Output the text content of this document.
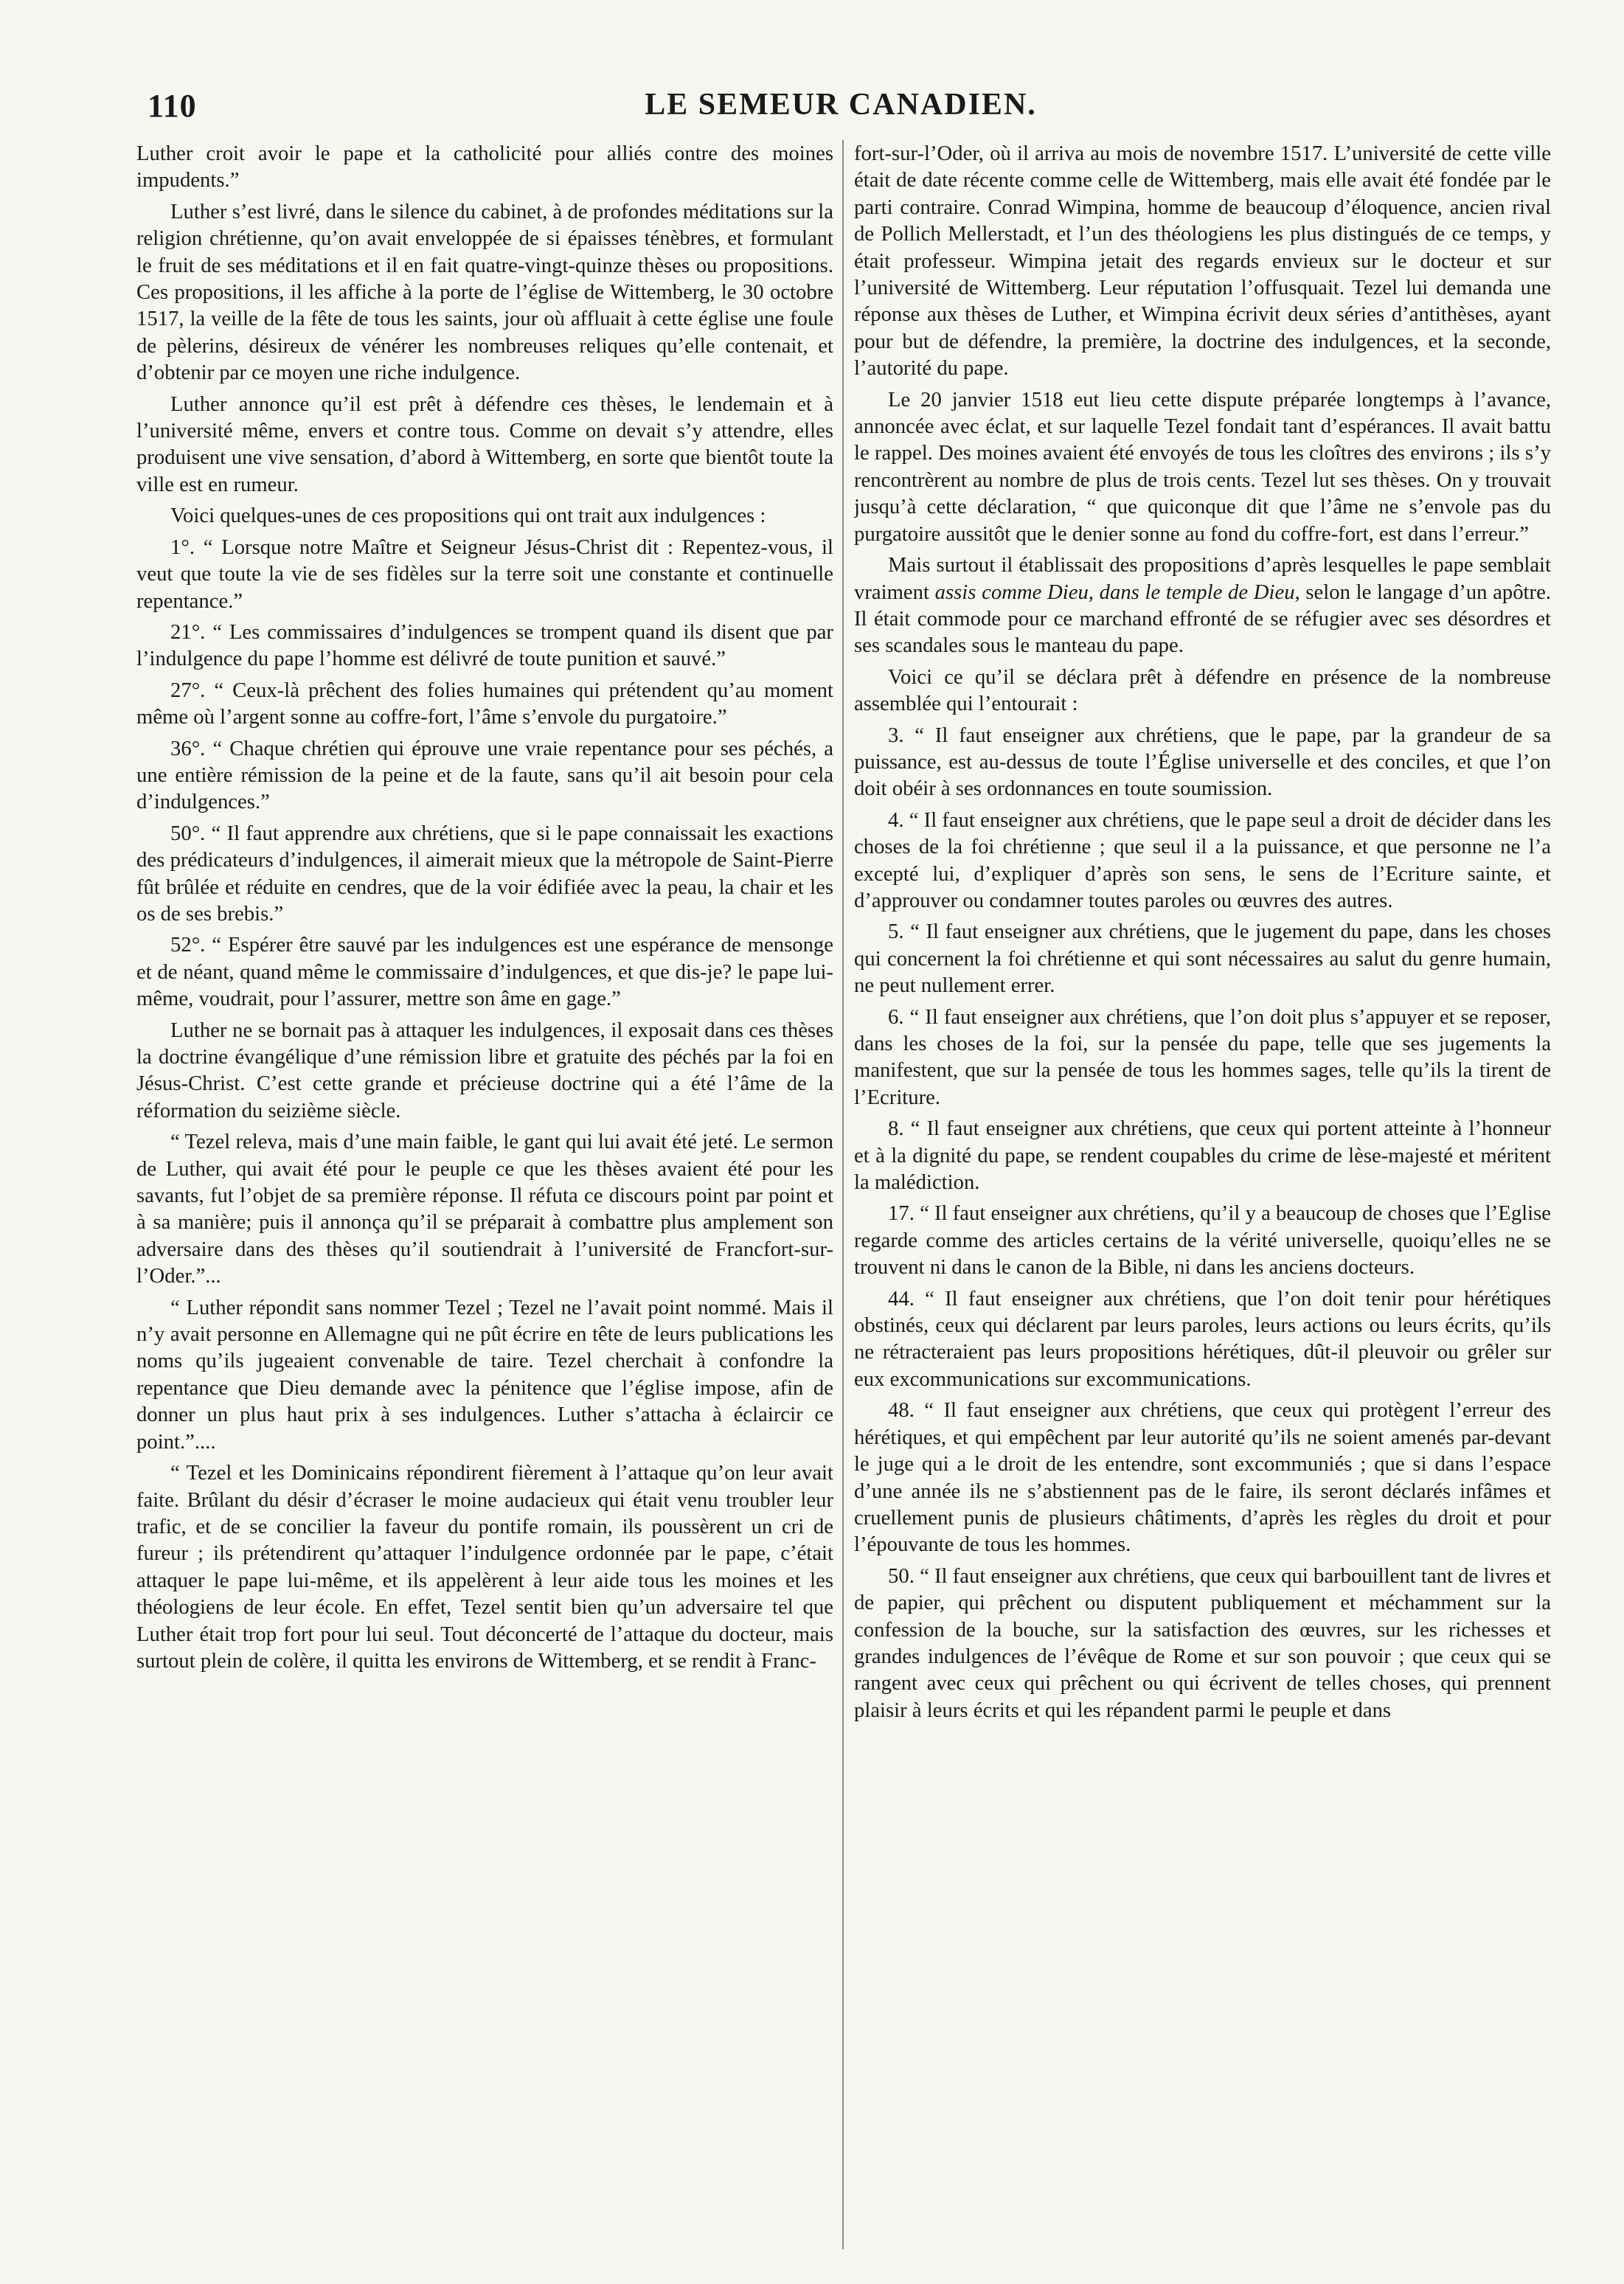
110	LE SEMEUR CANADIEN.

Luther croit avoir le pape et la catholicité pour alliés contre des moines impudents.”

Luther s’est livré, dans le silence du cabinet, à de profondes méditations sur la religion chrétienne, qu’on avait enveloppée de si épaisses ténèbres, et formulant le fruit de ses méditations et il en fait quatre-vingt-quinze thèses ou propositions. Ces propositions, il les affiche à la porte de l’église de Wittemberg, le 30 octobre 1517, la veille de la fête de tous les saints, jour où affluait à cette église une foule de pèlerins, désireux de vénérer les nombreuses reliques qu’elle contenait, et d’obtenir par ce moyen une riche indulgence.

Luther annonce qu’il est prêt à défendre ces thèses, le lendemain et à l’université même, envers et contre tous. Comme on devait s’y attendre, elles produisent une vive sensation, d’abord à Wittemberg, en sorte que bientôt toute la ville est en rumeur.

Voici quelques-unes de ces propositions qui ont trait aux indulgences :

1°. “ Lorsque notre Maître et Seigneur Jésus-Christ dit : Repentez-vous, il veut que toute la vie de ses fidèles sur la terre soit une constante et continuelle repentance.”

21°. “ Les commissaires d’indulgences se trompent quand ils disent que par l’indulgence du pape l’homme est délivré de toute punition et sauvé.”

27°. “ Ceux-là prêchent des folies humaines qui prétendent qu’au moment même où l’argent sonne au coffre-fort, l’âme s’envole du purgatoire.”

36°. “ Chaque chrétien qui éprouve une vraie repentance pour ses péchés, a une entière rémission de la peine et de la faute, sans qu’il ait besoin pour cela d’indulgences.”

50°. “ Il faut apprendre aux chrétiens, que si le pape connaissait les exactions des prédicateurs d’indulgences, il aimerait mieux que la métropole de Saint-Pierre fût brûlée et réduite en cendres, que de la voir édifiée avec la peau, la chair et les os de ses brebis.”

52°. “ Espérer être sauvé par les indulgences est une espérance de mensonge et de néant, quand même le commissaire d’indulgences, et que dis-je? le pape lui-même, voudrait, pour l’assurer, mettre son âme en gage.”

Luther ne se bornait pas à attaquer les indulgences, il exposait dans ces thèses la doctrine évangélique d’une rémission libre et gratuite des péchés par la foi en Jésus-Christ. C’est cette grande et précieuse doctrine qui a été l’âme de la réformation du seizième siècle.

“ Tezel releva, mais d’une main faible, le gant qui lui avait été jeté. Le sermon de Luther, qui avait été pour le peuple ce que les thèses avaient été pour les savants, fut l’objet de sa première réponse. Il réfuta ce discours point par point et à sa manière; puis il annonça qu’il se préparait à combattre plus amplement son adversaire dans des thèses qu’il soutiendrait à l’université de Francfort-sur-l’Oder.”...

“ Luther répondit sans nommer Tezel ; Tezel ne l’avait point nommé. Mais il n’y avait personne en Allemagne qui ne pût écrire en tête de leurs publications les noms qu’ils jugeaient convenable de taire. Tezel cherchait à confondre la repentance que Dieu demande avec la pénitence que l’église impose, afin de donner un plus haut prix à ses indulgences. Luther s’attacha à éclaircir ce point.”....

“ Tezel et les Dominicains répondirent fièrement à l’attaque qu’on leur avait faite. Brûlant du désir d’écraser le moine audacieux qui était venu troubler leur trafic, et de se concilier la faveur du pontife romain, ils poussèrent un cri de fureur ; ils prétendirent qu’attaquer l’indulgence ordonnée par le pape, c’était attaquer le pape lui-même, et ils appelèrent à leur aide tous les moines et les théologiens de leur école. En effet, Tezel sentit bien qu’un adversaire tel que Luther était trop fort pour lui seul. Tout déconcerté de l’attaque du docteur, mais surtout plein de colère, il quitta les environs de Wittemberg, et se rendit à Franc-

fort-sur-l’Oder, où il arriva au mois de novembre 1517. L’université de cette ville était de date récente comme celle de Wittemberg, mais elle avait été fondée par le parti contraire. Conrad Wimpina, homme de beaucoup d’éloquence, ancien rival de Pollich Mellerstadt, et l’un des théologiens les plus distingués de ce temps, y était professeur. Wimpina jetait des regards envieux sur le docteur et sur l’université de Wittemberg. Leur réputation l’offusquait. Tezel lui demanda une réponse aux thèses de Luther, et Wimpina écrivit deux séries d’antithèses, ayant pour but de défendre, la première, la doctrine des indulgences, et la seconde, l’autorité du pape.

Le 20 janvier 1518 eut lieu cette dispute préparée longtemps à l’avance, annoncée avec éclat, et sur laquelle Tezel fondait tant d’espérances. Il avait battu le rappel. Des moines avaient été envoyés de tous les cloîtres des environs ; ils s’y rencontrèrent au nombre de plus de trois cents. Tezel lut ses thèses. On y trouvait jusqu’à cette déclaration, “ que quiconque dit que l’âme ne s’envole pas du purgatoire aussitôt que le denier sonne au fond du coffre-fort, est dans l’erreur.”

Mais surtout il établissait des propositions d’après lesquelles le pape semblait vraiment assis comme Dieu, dans le temple de Dieu, selon le langage d’un apôtre. Il était commode pour ce marchand effronté de se réfugier avec ses désordres et ses scandales sous le manteau du pape.

Voici ce qu’il se déclara prêt à défendre en présence de la nombreuse assemblée qui l’entourait :

3. “ Il faut enseigner aux chrétiens, que le pape, par la grandeur de sa puissance, est au-dessus de toute l’Église universelle et des conciles, et que l’on doit obéir à ses ordonnances en toute soumission.

4. “ Il faut enseigner aux chrétiens, que le pape seul a droit de décider dans les choses de la foi chrétienne ; que seul il a la puissance, et que personne ne l’a excepté lui, d’expliquer d’après son sens, le sens de l’Ecriture sainte, et d’approuver ou condamner toutes paroles ou œuvres des autres.

5. “ Il faut enseigner aux chrétiens, que le jugement du pape, dans les choses qui concernent la foi chrétienne et qui sont nécessaires au salut du genre humain, ne peut nullement errer.

6. “ Il faut enseigner aux chrétiens, que l’on doit plus s’appuyer et se reposer, dans les choses de la foi, sur la pensée du pape, telle que ses jugements la manifestent, que sur la pensée de tous les hommes sages, telle qu’ils la tirent de l’Ecriture.

8. “ Il faut enseigner aux chrétiens, que ceux qui portent atteinte à l’honneur et à la dignité du pape, se rendent coupables du crime de lèse-majesté et méritent la malédiction.

17. “ Il faut enseigner aux chrétiens, qu’il y a beaucoup de choses que l’Eglise regarde comme des articles certains de la vérité universelle, quoiqu’elles ne se trouvent ni dans le canon de la Bible, ni dans les anciens docteurs.

44. “ Il faut enseigner aux chrétiens, que l’on doit tenir pour hérétiques obstinés, ceux qui déclarent par leurs paroles, leurs actions ou leurs écrits, qu’ils ne rétracteraient pas leurs propositions hérétiques, dût-il pleuvoir ou grêler sur eux excommunications sur excommunications.

48. “ Il faut enseigner aux chrétiens, que ceux qui protègent l’erreur des hérétiques, et qui empêchent par leur autorité qu’ils ne soient amenés par-devant le juge qui a le droit de les entendre, sont excommuniés ; que si dans l’espace d’une année ils ne s’abstiennent pas de le faire, ils seront déclarés infâmes et cruellement punis de plusieurs châtiments, d’après les règles du droit et pour l’épouvante de tous les hommes.

50. “ Il faut enseigner aux chrétiens, que ceux qui barbouillent tant de livres et de papier, qui prêchent ou disputent publiquement et méchamment sur la confession de la bouche, sur la satisfaction des œuvres, sur les richesses et grandes indulgences de l’évêque de Rome et sur son pouvoir ; que ceux qui se rangent avec ceux qui prêchent ou qui écrivent de telles choses, qui prennent plaisir à leurs écrits et qui les répandent parmi le peuple et dans
